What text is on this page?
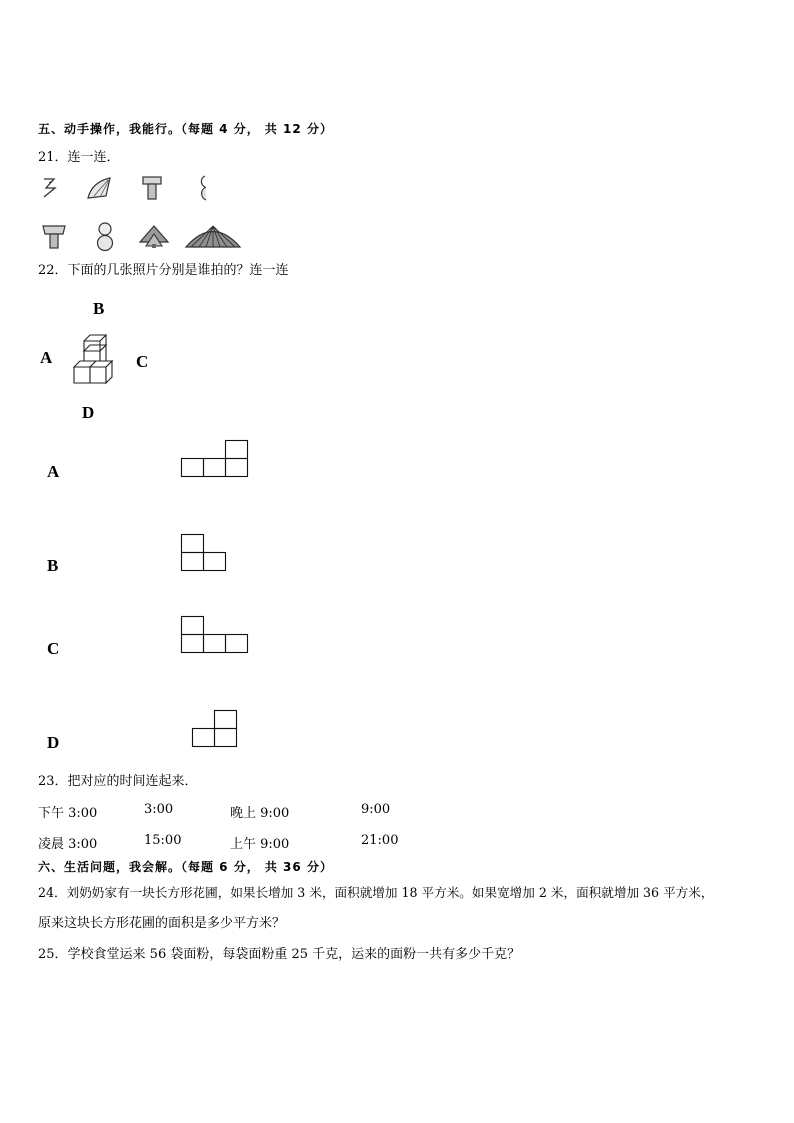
五、动手操作，我能行。（每题 4 分， 共 12 分）
21．连一连．
22．下面的几张照片分别是谁拍的？连一连
B
A	C
D
A
B
C
D
23．把对应的时间连起来．
下午 3:00	3:00	晚上 9:00	9:00
凌晨 3:00	15:00	上午 9:00	21:00
六、生活问题，我会解。（每题 6 分， 共 36 分）
24．刘奶奶家有一块长方形花圃，如果长增加 3 米，面积就增加 18 平方米。如果宽增加 2 米，面积就增加 36 平方米，
原来这块长方形花圃的面积是多少平方米？
25．学校食堂运来 56 袋面粉，每袋面粉重 25 千克，运来的面粉一共有多少千克？
